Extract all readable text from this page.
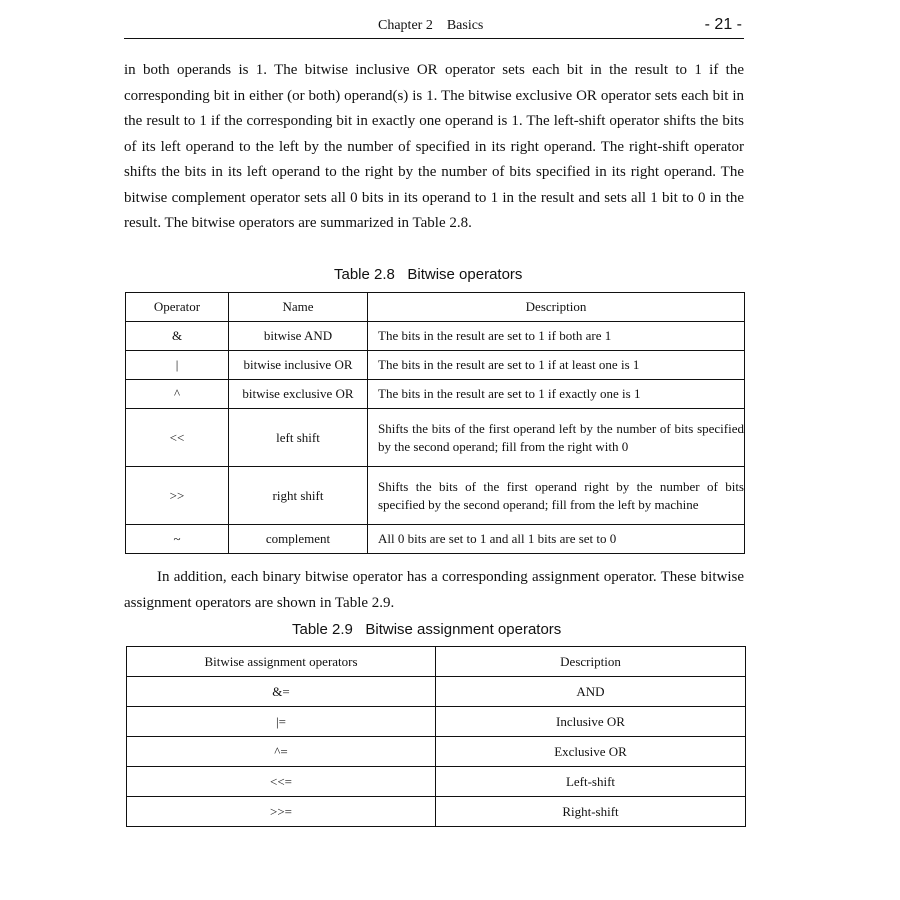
Chapter 2    Basics	- 21 -
in both operands is 1. The bitwise inclusive OR operator sets each bit in the result to 1 if the corresponding bit in either (or both) operand(s) is 1. The bitwise exclusive OR operator sets each bit in the result to 1 if the corresponding bit in exactly one operand is 1. The left-shift operator shifts the bits of its left operand to the left by the number of specified in its right operand. The right-shift operator shifts the bits in its left operand to the right by the number of bits specified in its right operand. The bitwise complement operator sets all 0 bits in its operand to 1 in the result and sets all 1 bit to 0 in the result. The bitwise operators are summarized in Table 2.8.
Table 2.8   Bitwise operators
Operator	Name	Description
&	bitwise AND	The bits in the result are set to 1 if both are 1
|	bitwise inclusive OR	The bits in the result are set to 1 if at least one is 1
^	bitwise exclusive OR	The bits in the result are set to 1 if exactly one is 1
<<	left shift	Shifts the bits of the first operand left by the number of bits specified by the second operand; fill from the right with 0
>>	right shift	Shifts the bits of the first operand right by the number of bits specified by the second operand; fill from the left by machine
~	complement	All 0 bits are set to 1 and all 1 bits are set to 0
In addition, each binary bitwise operator has a corresponding assignment operator. These bitwise assignment operators are shown in Table 2.9.
Table 2.9   Bitwise assignment operators
Bitwise assignment operators	Description
&=	AND
|=	Inclusive OR
^=	Exclusive OR
<<=	Left-shift
>>=	Right-shift
